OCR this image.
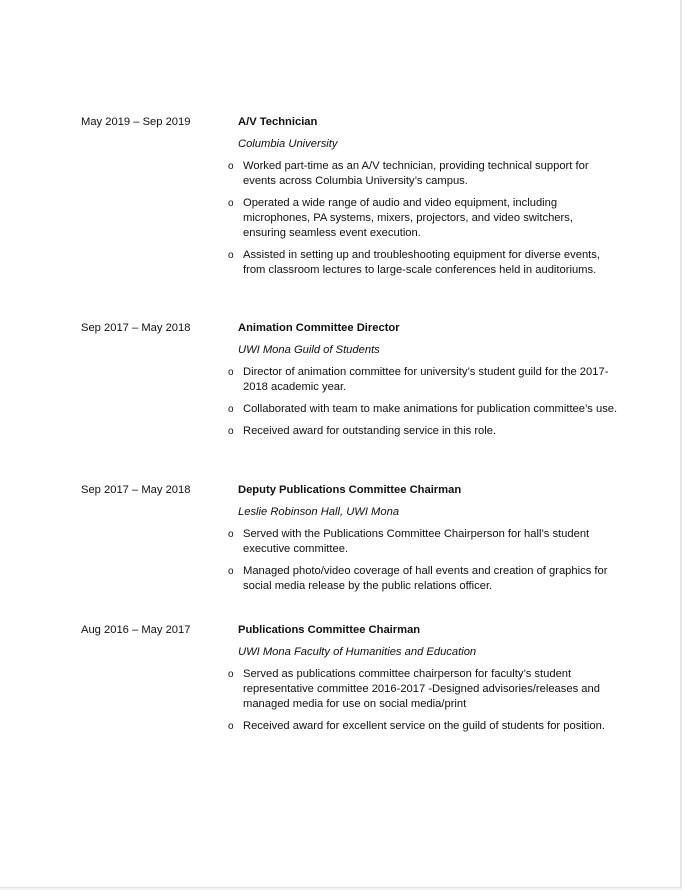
May 2019 – Sep 2019	A/V Technician
Columbia University
o Worked part-time as an A/V technician, providing technical support for events across Columbia University’s campus.
o Operated a wide range of audio and video equipment, including microphones, PA systems, mixers, projectors, and video switchers, ensuring seamless event execution.
o Assisted in setting up and troubleshooting equipment for diverse events, from classroom lectures to large-scale conferences held in auditoriums.
Sep 2017 – May 2018	Animation Committee Director
UWI Mona Guild of Students
o Director of animation committee for university’s student guild for the 2017-2018 academic year.
o Collaborated with team to make animations for publication committee’s use.
o Received award for outstanding service in this role.
Sep 2017 – May 2018	Deputy Publications Committee Chairman
Leslie Robinson Hall, UWI Mona
o Served with the Publications Committee Chairperson for hall’s student executive committee.
o Managed photo/video coverage of hall events and creation of graphics for social media release by the public relations officer.
Aug 2016 – May 2017	Publications Committee Chairman
UWI Mona Faculty of Humanities and Education
o Served as publications committee chairperson for faculty’s student representative committee 2016-2017 -Designed advisories/releases and managed media for use on social media/print
o Received award for excellent service on the guild of students for position.
